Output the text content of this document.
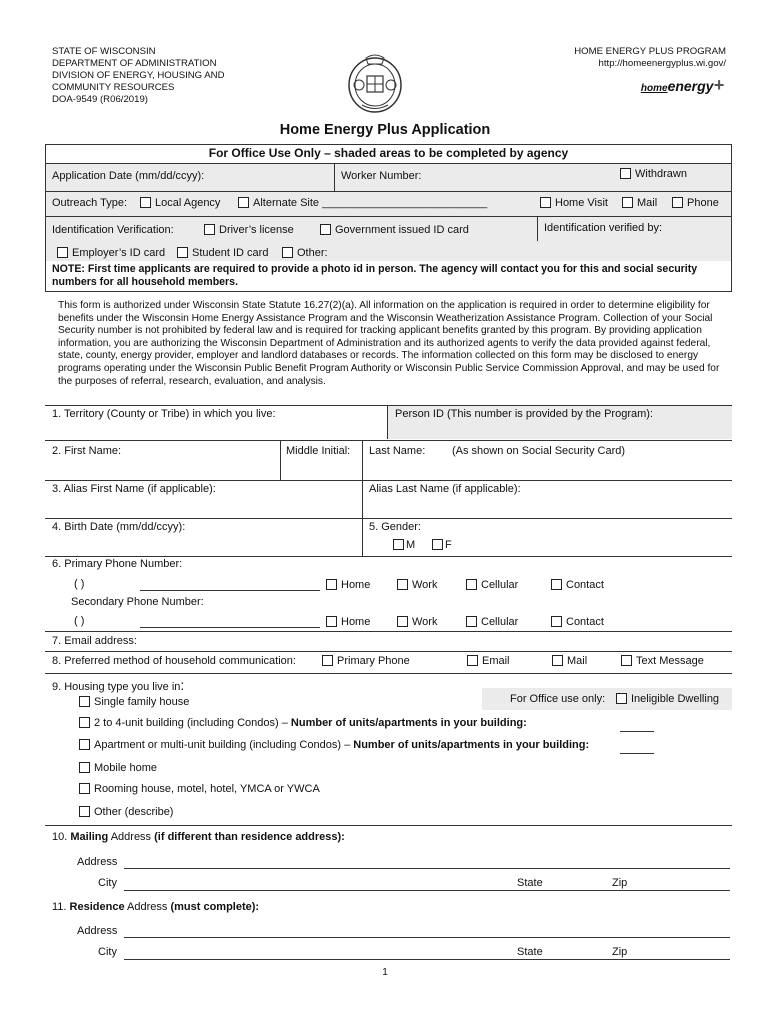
STATE OF WISCONSIN
DEPARTMENT OF ADMINISTRATION
DIVISION OF ENERGY, HOUSING AND
COMMUNITY RESOURCES
DOA-9549 (R06/2019)
HOME ENERGY PLUS PROGRAM
http://homeenergyplus.wi.gov/
homeenergy+
Home Energy Plus Application
For Office Use Only – shaded areas to be completed by agency
Application Date (mm/dd/ccyy):	Worker Number:	Withdrawn
Outreach Type:	Local Agency	Alternate Site ___________________________	Home Visit	Mail	Phone
Identification Verification:	Driver’s license	Government issued ID card	Identification verified by:
Employer’s ID card	Student ID card	Other:
NOTE: First time applicants are required to provide a photo id in person. The agency will contact you for this and social security numbers for all household members.
This form is authorized under Wisconsin State Statute 16.27(2)(a). All information on the application is required in order to determine eligibility for benefits under the Wisconsin Home Energy Assistance Program and the Wisconsin Weatherization Assistance Program. Collection of your Social Security number is not prohibited by federal law and is required for tracking applicant benefits granted by this program. By providing application information, you are authorizing the Wisconsin Department of Administration and its authorized agents to verify the data provided against federal, state, county, energy provider, employer and landlord databases or records. The information collected on this form may be disclosed to energy programs operating under the Wisconsin Public Benefit Program Authority or Wisconsin Public Service Commission Approval, and may be used for the purposes of referral, research, evaluation, and analysis.
1. Territory (County or Tribe) in which you live:	Person ID (This number is provided by the Program):
2. First Name:	Middle Initial: Last Name: (As shown on Social Security Card)
3. Alias First Name (if applicable):	Alias Last Name (if applicable):
4. Birth Date (mm/dd/ccyy):	5. Gender:
M	F
6. Primary Phone Number:
( )	Home	Work	Cellular	Contact
Secondary Phone Number:
( )	Home	Work	Cellular	Contact
7. Email address:
8. Preferred method of household communication:	Primary Phone	Email	Mail	Text Message
9. Housing type you live in:
For Office use only:	Ineligible Dwelling
Single family house
2 to 4-unit building (including Condos) – Number of units/apartments in your building:
Apartment or multi-unit building (including Condos) – Number of units/apartments in your building:
Mobile home
Rooming house, motel, hotel, YMCA or YWCA
Other (describe)
10. Mailing Address (if different than residence address):
Address
City	State	Zip
11. Residence Address (must complete):
Address
City	State	Zip
1
